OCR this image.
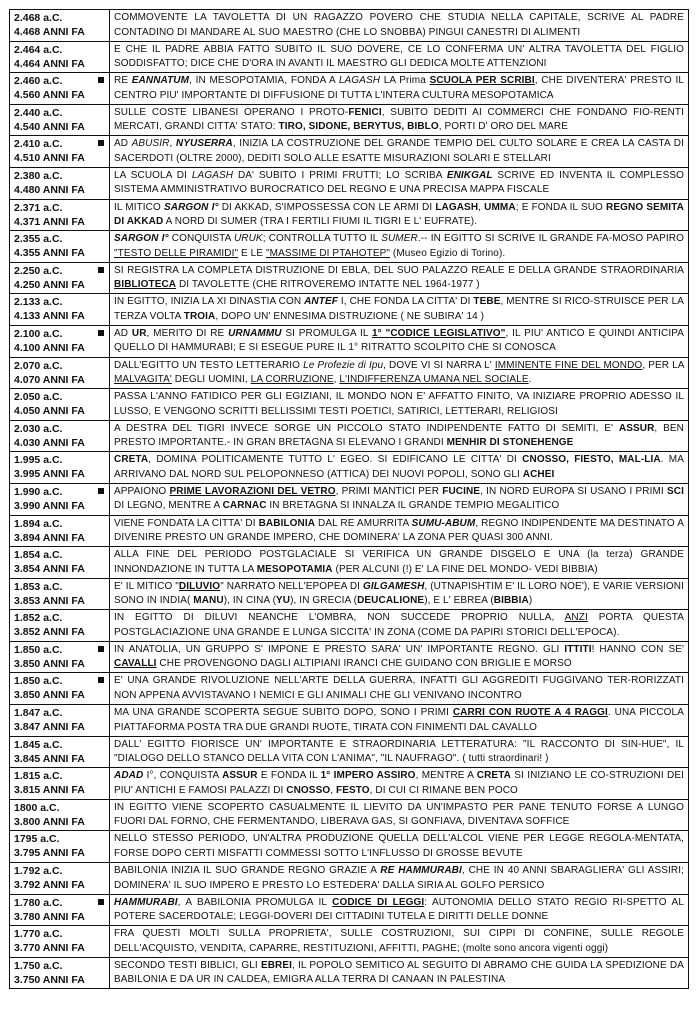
2.468 a.C.
4.468 ANNI FA	COMMOVENTE LA TAVOLETTA DI UN RAGAZZO POVERO CHE STUDIA NELLA CAPITALE, SCRIVE AL PADRE CONTADINO DI MANDARE AL SUO MAESTRO (CHE LO SNOBBA) PINGUI CANESTRI DI ALIMENTI

2.464 a.C.
4.464 ANNI FA	E CHE IL PADRE ABBIA FATTO SUBITO IL SUO DOVERE, CE LO CONFERMA UN' ALTRA TAVOLETTA DEL FIGLIO SODDISFATTO; DICE CHE D'ORA IN AVANTI IL MAESTRO GLI DEDICA MOLTE ATTENZIONI

2.460 a.C.
4.560 ANNI FA	RE EANNATUM, IN MESOPOTAMIA, FONDA A LAGASH LA Prima SCUOLA PER SCRIBI, CHE DIVENTERA' PRESTO IL CENTRO PIU' IMPORTANTE DI DIFFUSIONE DI TUTTA L'INTERA CULTURA MESOPOTAMICA

2.440 a.C.
4.540 ANNI FA	SULLE COSTE LIBANESI OPERANO I PROTO-FENICI, SUBITO DEDITI AI COMMERCI CHE FONDANO FIO-RENTI MERCATI, GRANDI CITTA' STATO: TIRO, SIDONE, BERYTUS, BIBLO, PORTI D' ORO DEL MARE

2.410 a.C.
4.510 ANNI FA	AD ABUSIR, NYUSERRA, INIZIA LA COSTRUZIONE DEL GRANDE TEMPIO DEL CULTO SOLARE E CREA LA CASTA DI SACERDOTI (OLTRE 2000), DEDITI SOLO ALLE ESATTE MISURAZIONI SOLARI E STELLARI

2.380 a.C.
4.480 ANNI FA	LA SCUOLA DI LAGASH DA' SUBITO I PRIMI FRUTTI; LO SCRIBA ENIKGAL SCRIVE ED INVENTA IL COMPLESSO SISTEMA AMMINISTRATIVO BUROCRATICO DEL REGNO E UNA PRECISA MAPPA FISCALE

2.371 a.C.
4.371 ANNI FA	IL MITICO SARGON I° DI AKKAD, S'IMPOSSESSA CON LE ARMI DI LAGASH, UMMA; E FONDA IL SUO REGNO SEMITA DI AKKAD A NORD DI SUMER (TRA I FERTILI FIUMI IL TIGRI E L' EUFRATE).

2.355 a.C.
4.355 ANNI FA	SARGON I° CONQUISTA URUK; CONTROLLA TUTTO IL SUMER.-- IN EGITTO SI SCRIVE IL GRANDE FA-MOSO PAPIRO "TESTO DELLE PIRAMIDI" E LE "MASSIME DI PTAHOTEP" (Museo Egizio di Torino).

2.250 a.C.
4.250 ANNI FA	SI REGISTRA LA COMPLETA DISTRUZIONE DI EBLA, DEL SUO PALAZZO REALE E DELLA GRANDE STRAORDINARIA BIBLIOTECA DI TAVOLETTE (CHE RITROVEREMO INTATTE NEL 1964-1977 )

2.133 a.C.
4.133 ANNI FA	IN EGITTO, INIZIA LA XI DINASTIA CON ANTEF I, CHE FONDA LA CITTA' DI TEBE, MENTRE SI RICO-STRUISCE PER LA TERZA VOLTA TROIA, DOPO UN' ENNESIMA DISTRUZIONE ( NE SUBIRA' 14 )

2.100 a.C.
4.100 ANNI FA	AD UR, MERITO DI RE URNAMMU SI PROMULGA IL 1° "CODICE LEGISLATIVO", IL PIU' ANTICO E QUINDI ANTICIPA QUELLO DI HAMMURABI; E SI ESEGUE PURE IL 1° RITRATTO SCOLPITO CHE SI CONOSCA

2.070 a.C.
4.070 ANNI FA	DALL'EGITTO UN TESTO LETTERARIO Le Profezie di Ipu, DOVE VI SI NARRA L' IMMINENTE FINE DEL MONDO, PER LA MALVAGITA' DEGLI UOMINI, LA CORRUZIONE, L'INDIFFERENZA UMANA NEL SOCIALE.

2.050 a.C.
4.050 ANNI FA	PASSA L'ANNO FATIDICO PER GLI EGIZIANI, IL MONDO NON E' AFFATTO FINITO, VA INIZIARE PROPRIO ADESSO IL LUSSO, E VENGONO SCRITTI BELLISSIMI TESTI POETICI, SATIRICI, LETTERARI, RELIGIOSI

2.030 a.C.
4.030 ANNI FA	A DESTRA DEL TIGRI INVECE SORGE UN PICCOLO STATO INDIPENDENTE FATTO DI SEMITI, E' ASSUR, BEN PRESTO IMPORTANTE.- IN GRAN BRETAGNA SI ELEVANO I GRANDI MENHIR DI STONEHENGE

1.995 a.C.
3.995 ANNI FA	CRETA, DOMINA POLITICAMENTE TUTTO L' EGEO. SI EDIFICANO LE CITTA' DI CNOSSO, FIESTO, MAL-LIA. MA ARRIVANO DAL NORD SUL PELOPONNESO (ATTICA) DEI NUOVI POPOLI, SONO GLI ACHEI

1.990 a.C.
3.990 ANNI FA	APPAIONO PRIME LAVORAZIONI DEL VETRO, PRIMI MANTICI PER FUCINE, IN NORD EUROPA SI USANO I PRIMI SCI DI LEGNO, MENTRE A CARNAC IN BRETAGNA SI INNALZA IL GRANDE TEMPIO MEGALITICO

1.894 a.C.
3.894 ANNI FA	VIENE FONDATA LA CITTA' DI BABILONIA DAL RE AMURRITA SUMU-ABUM, REGNO INDIPENDENTE MA DESTINATO A DIVENIRE PRESTO UN GRANDE IMPERO, CHE DOMINERA' LA ZONA PER QUASI 300 ANNI.

1.854 a.C.
3.854 ANNI FA	ALLA FINE DEL PERIODO POSTGLACIALE SI VERIFICA UN GRANDE DISGELO E UNA (la terza) GRANDE INNONDAZIONE IN TUTTA LA MESOPOTAMIA (PER ALCUNI (!) E' LA FINE DEL MONDO- VEDI BIBBIA)

1.853 a.C.
3.853 ANNI FA	E' IL MITICO "DILUVIO" NARRATO NELL'EPOPEA DI GILGAMESH, (UTNAPISHTIM E' IL LORO NOE'), E VARIE VERSIONI SONO IN INDIA( MANU), IN CINA (YU), IN GRECIA (DEUCALIONE), E L' EBREA (BIBBIA)

1.852 a.C.
3.852 ANNI FA	IN EGITTO DI DILUVI NEANCHE L'OMBRA, NON SUCCEDE PROPRIO NULLA, ANZI PORTA QUESTA POSTGLACIAZIONE UNA GRANDE E LUNGA SICCITA' IN ZONA (COME DA PAPIRI STORICI DELL'EPOCA).

1.850 a.C.
3.850 ANNI FA	IN ANATOLIA, UN GRUPPO S' IMPONE E PRESTO SARA' UN' IMPORTANTE REGNO. GLI ITTITI! HANNO CON SE' CAVALLI CHE PROVENGONO DAGLI ALTIPIANI IRANCI CHE GUIDANO CON BRIGLIE E MORSO

1.850 a.C.
3.850 ANNI FA	E' UNA GRANDE RIVOLUZIONE NELL'ARTE DELLA GUERRA, INFATTI GLI AGGREDITI FUGGIVANO TER-RORIZZATI NON APPENA AVVISTAVANO I NEMICI E GLI ANIMALI CHE GLI VENIVANO INCONTRO

1.847 a.C.
3.847 ANNI FA	MA UNA GRANDE SCOPERTA SEGUE SUBITO DOPO, SONO I PRIMI CARRI CON RUOTE A 4 RAGGI. UNA PICCOLA PIATTAFORMA POSTA TRA DUE GRANDI RUOTE, TIRATA CON FINIMENTI DAL CAVALLO

1.845 a.C.
3.845 ANNI FA	DALL' EGITTO FIORISCE UN' IMPORTANTE E STRAORDINARIA LETTERATURA: "IL RACCONTO DI SIN-HUE", IL "DIALOGO DELLO STANCO DELLA VITA CON L'ANIMA", "IL NAUFRAGO". ( tutti straordinari! )

1.815 a.C.
3.815 ANNI FA	ADAD I°, CONQUISTA ASSUR E FONDA IL 1° IMPERO ASSIRO, MENTRE A CRETA SI INIZIANO LE CO-STRUZIONI DEI PIU' ANTICHI E FAMOSI PALAZZI DI CNOSSO, FESTO, DI CUI CI RIMANE BEN POCO

1800 a.C.
3.800 ANNI FA	IN EGITTO VIENE SCOPERTO CASUALMENTE IL LIEVITO DA UN'IMPASTO PER PANE TENUTO FORSE A LUNGO FUORI DAL FORNO, CHE FERMENTANDO, LIBERAVA GAS, SI GONFIAVA, DIVENTAVA SOFFICE

1795 a.C.
3.795 ANNI FA	NELLO STESSO PERIODO, UN'ALTRA PRODUZIONE QUELLA DELL'ALCOL VIENE PER LEGGE REGOLA-MENTATA, FORSE DOPO CERTI MISFATTI COMMESSI SOTTO L'INFLUSSO DI GROSSE BEVUTE

1.792 a.C.
3.792 ANNI FA	BABILONIA INIZIA IL SUO GRANDE REGNO GRAZIE A RE HAMMURABI, CHE IN 40 ANNI SBARAGLIERA' GLI ASSIRI; DOMINERA' IL SUO IMPERO E PRESTO LO ESTEDERA' DALLA SIRIA AL GOLFO PERSICO

1.780 a.C.
3.780 ANNI FA	HAMMURABI, A BABILONIA PROMULGA IL CODICE DI LEGGI: AUTONOMIA DELLO STATO REGIO RI-SPETTO AL POTERE SACERDOTALE; LEGGI-DOVERI DEI CITTADINI TUTELA E DIRITTI DELLE DONNE

1.770 a.C.
3.770 ANNI FA	FRA QUESTI MOLTI SULLA PROPRIETA', SULLE COSTRUZIONI, SUI CIPPI DI CONFINE, SULLE REGOLE DELL'ACQUISTO, VENDITA, CAPARRE, RESTITUZIONI, AFFITTI, PAGHE; (molte sono ancora vigenti oggi)

1.750 a.C.
3.750 ANNI FA	SECONDO TESTI BIBLICI, GLI EBREI, IL POPOLO SEMITICO AL SEGUITO DI ABRAMO CHE GUIDA LA SPEDIZIONE DA BABILONIA E DA UR IN CALDEA, EMIGRA ALLA TERRA DI CANAAN IN PALESTINA
